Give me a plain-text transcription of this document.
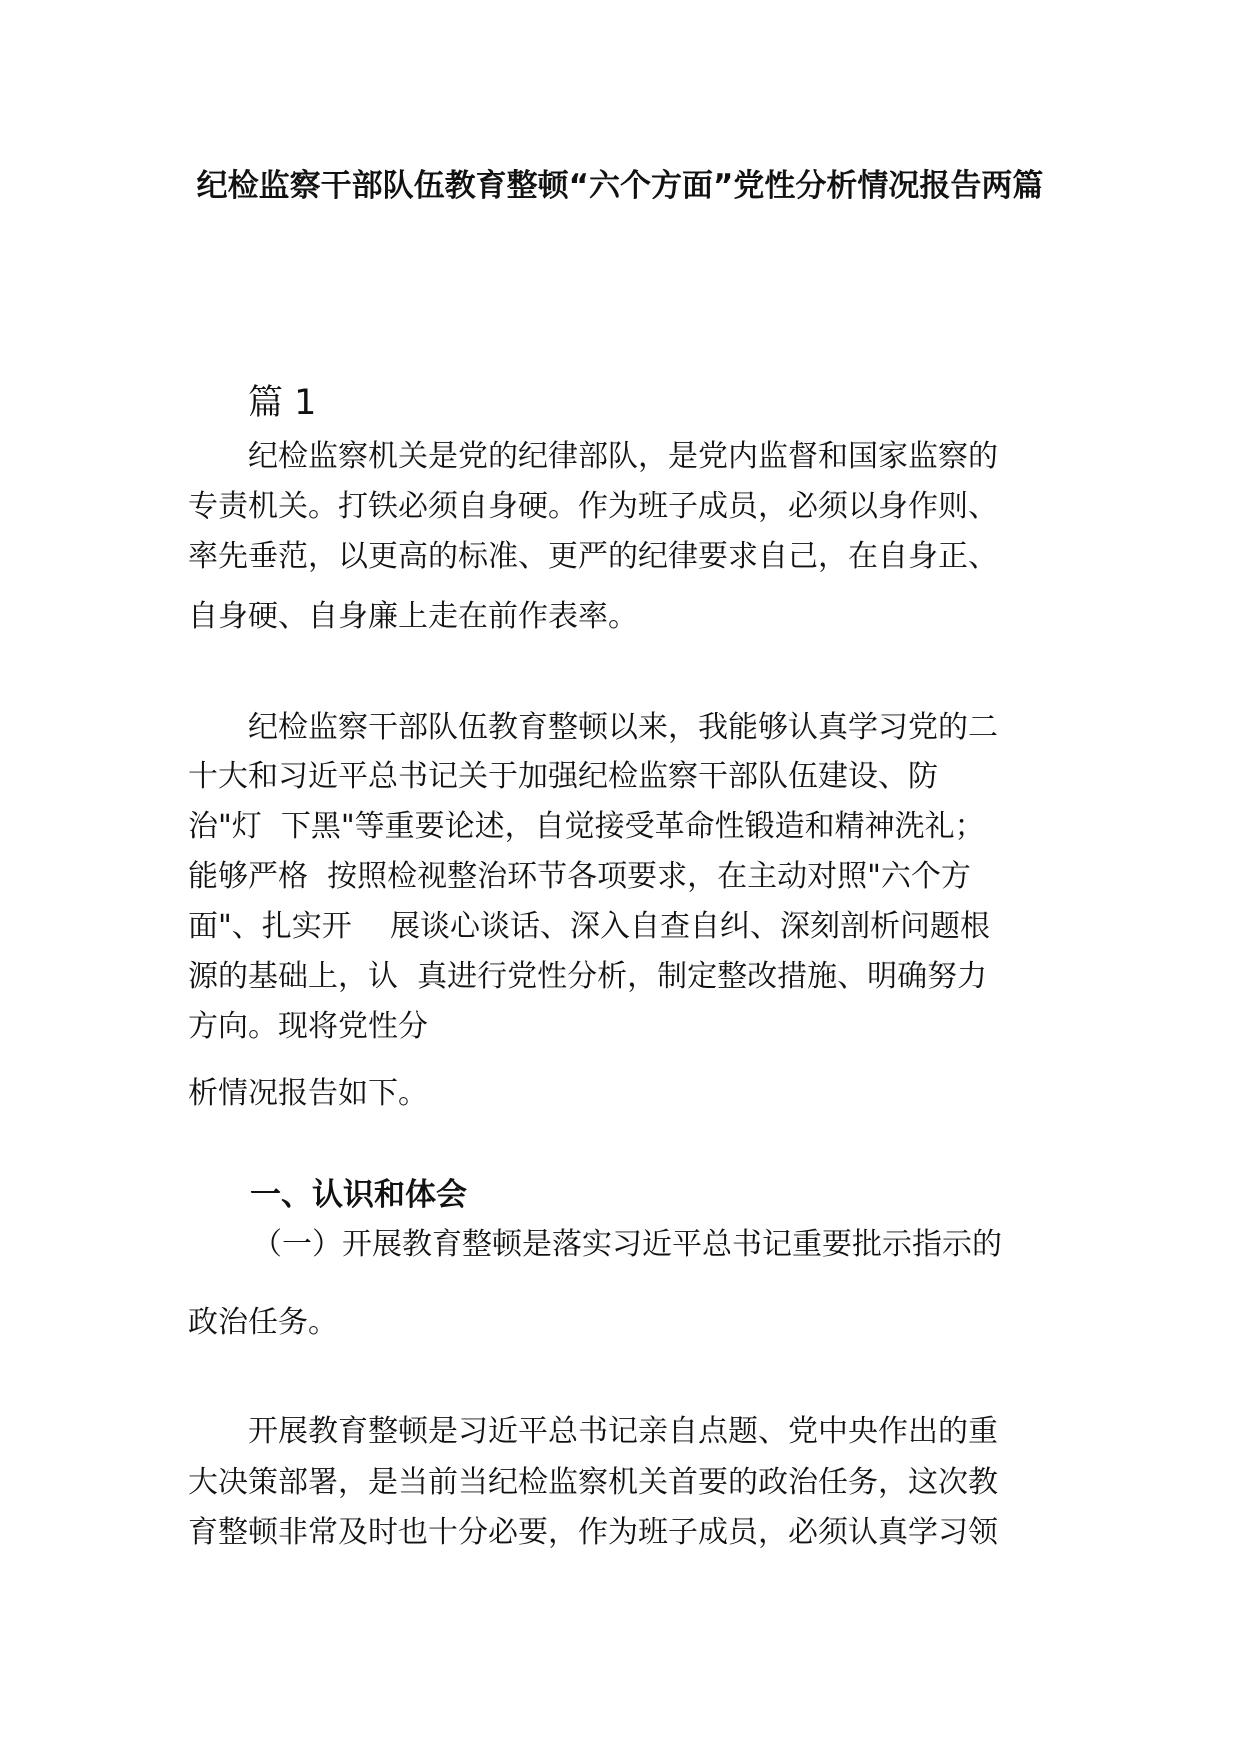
纪检监察干部队伍教育整顿“六个方面”党性分析情况报告两篇
篇 1

纪检监察机关是党的纪律部队，是党内监督和国家监察的

专责机关。打铁必须自身硬。作为班子成员，必须以身作则、

率先垂范，以更高的标准、更严的纪律要求自己，在自身正、

自身硬、自身廉上走在前作表率。

纪检监察干部队伍教育整顿以来，我能够认真学习党的二

十大和习近平总书记关于加强纪检监察干部队伍建设、防

治"灯  下黑"等重要论述，自觉接受革命性锻造和精神洗礼；

能够严格  按照检视整治环节各项要求，在主动对照"六个方

面"、扎实开    展谈心谈话、深入自查自纠、深刻剖析问题根

源的基础上，认  真进行党性分析，制定整改措施、明确努力

方向。现将党性分

析情况报告如下。

一、认识和体会

（一）开展教育整顿是落实习近平总书记重要批示指示的

政治任务。

开展教育整顿是习近平总书记亲自点题、党中央作出的重

大决策部署，是当前当纪检监察机关首要的政治任务，这次教

育整顿非常及时也十分必要，作为班子成员，必须认真学习领
